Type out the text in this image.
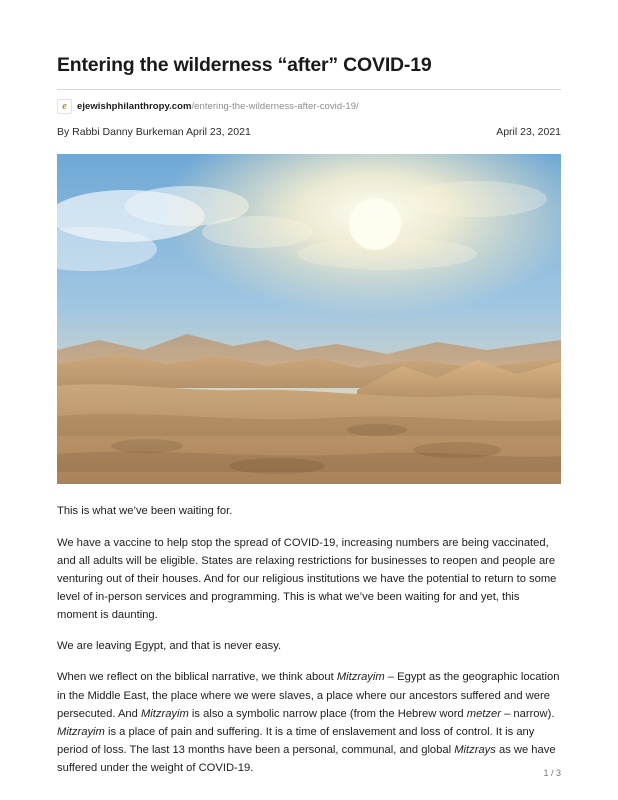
Entering the wilderness “after” COVID-19
e	ejewishphilanthropy.com /entering-the-wilderness-after-covid-19/
By Rabbi Danny Burkeman April 23, 2021	April 23, 2021

This is what we’ve been waiting for.

We have a vaccine to help stop the spread of COVID-19, increasing numbers are being vaccinated, and all adults will be eligible. States are relaxing restrictions for businesses to reopen and people are venturing out of their houses. And for our religious institutions we have the potential to return to some level of in-person services and programming. This is what we’ve been waiting for and yet, this moment is daunting.

We are leaving Egypt, and that is never easy.

When we reflect on the biblical narrative, we think about Mitzrayim – Egypt as the geographic location in the Middle East, the place where we were slaves, a place where our ancestors suffered and were persecuted. And Mitzrayim is also a symbolic narrow place (from the Hebrew word metzer – narrow). Mitzrayim is a place of pain and suffering. It is a time of enslavement and loss of control. It is any period of loss. The last 13 months have been a personal, communal, and global Mitzrays as we have suffered under the weight of COVID-19.	1 / 3
